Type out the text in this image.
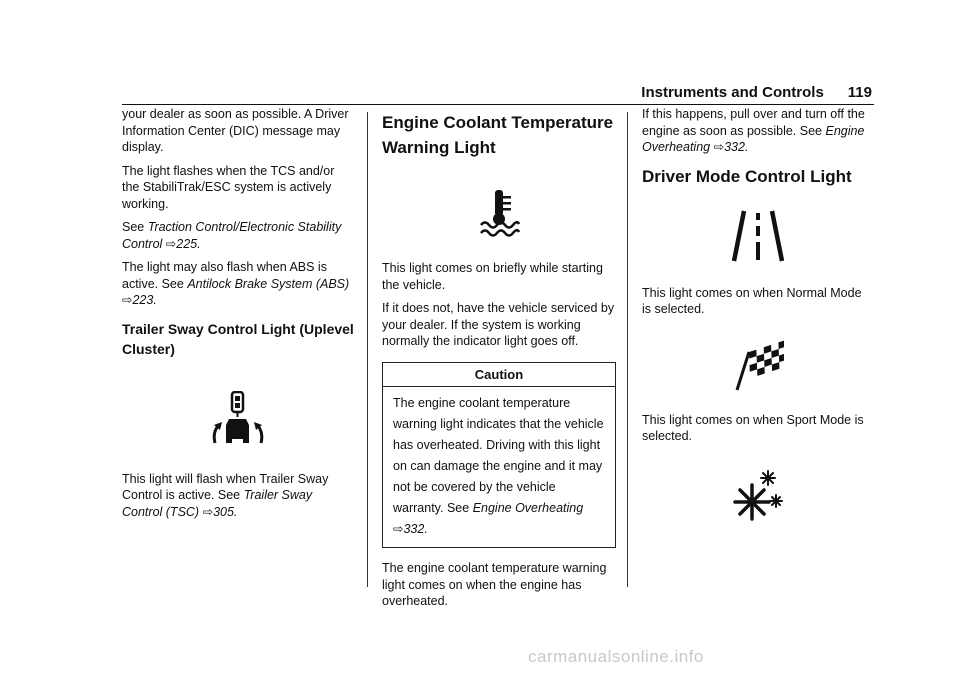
Instruments and Controls 119

your dealer as soon as possible. A Driver Information Center (DIC) message may display.

The light flashes when the TCS and/or the StabiliTrak/ESC system is actively working.

See Traction Control/Electronic Stability Control ⇨225.

The light may also flash when ABS is active. See Antilock Brake System (ABS) ⇨223.

Trailer Sway Control Light (Uplevel Cluster)

This light will flash when Trailer Sway Control is active. See Trailer Sway Control (TSC) ⇨305.

Engine Coolant Temperature Warning Light

This light comes on briefly while starting the vehicle.

If it does not, have the vehicle serviced by your dealer. If the system is working normally the indicator light goes off.

Caution
The engine coolant temperature warning light indicates that the vehicle has overheated. Driving with this light on can damage the engine and it may not be covered by the vehicle warranty. See Engine Overheating ⇨332.

The engine coolant temperature warning light comes on when the engine has overheated.

If this happens, pull over and turn off the engine as soon as possible. See Engine Overheating ⇨332.

Driver Mode Control Light

This light comes on when Normal Mode is selected.

This light comes on when Sport Mode is selected.

carmanualsonline.info
